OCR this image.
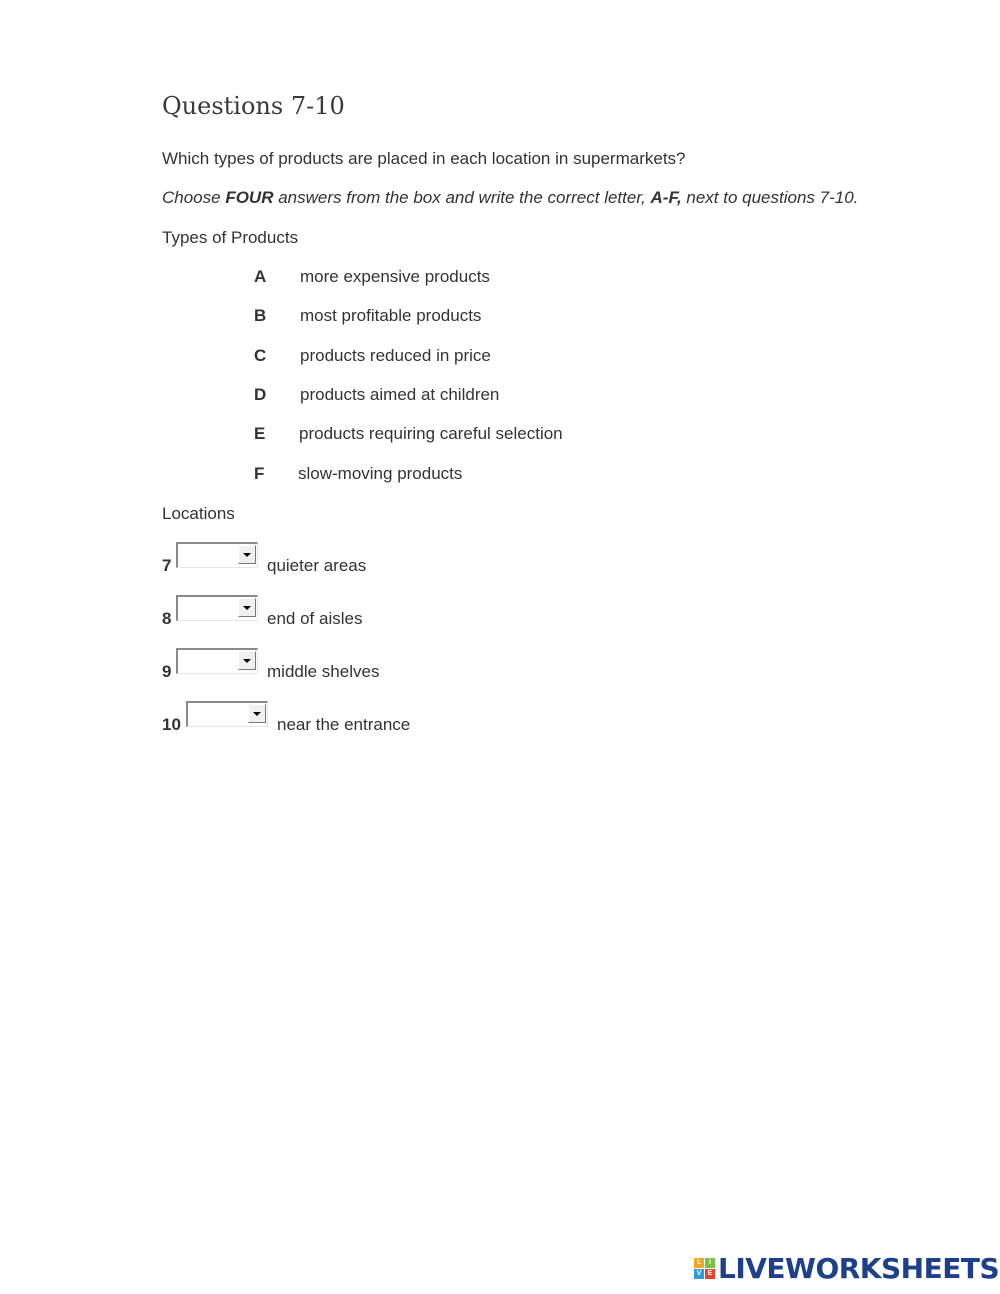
Questions 7-10
Which types of products are placed in each location in supermarkets?
Choose FOUR answers from the box and write the correct letter, A-F, next to questions 7-10.
Types of Products
A more expensive products
B most profitable products
C products reduced in price
D products aimed at children
E products requiring careful selection
F slow-moving products
Locations
7	quieter areas
8	end of aisles
9	middle shelves
10	near the entrance
L	I
V E LIVEWORKSHEETS
